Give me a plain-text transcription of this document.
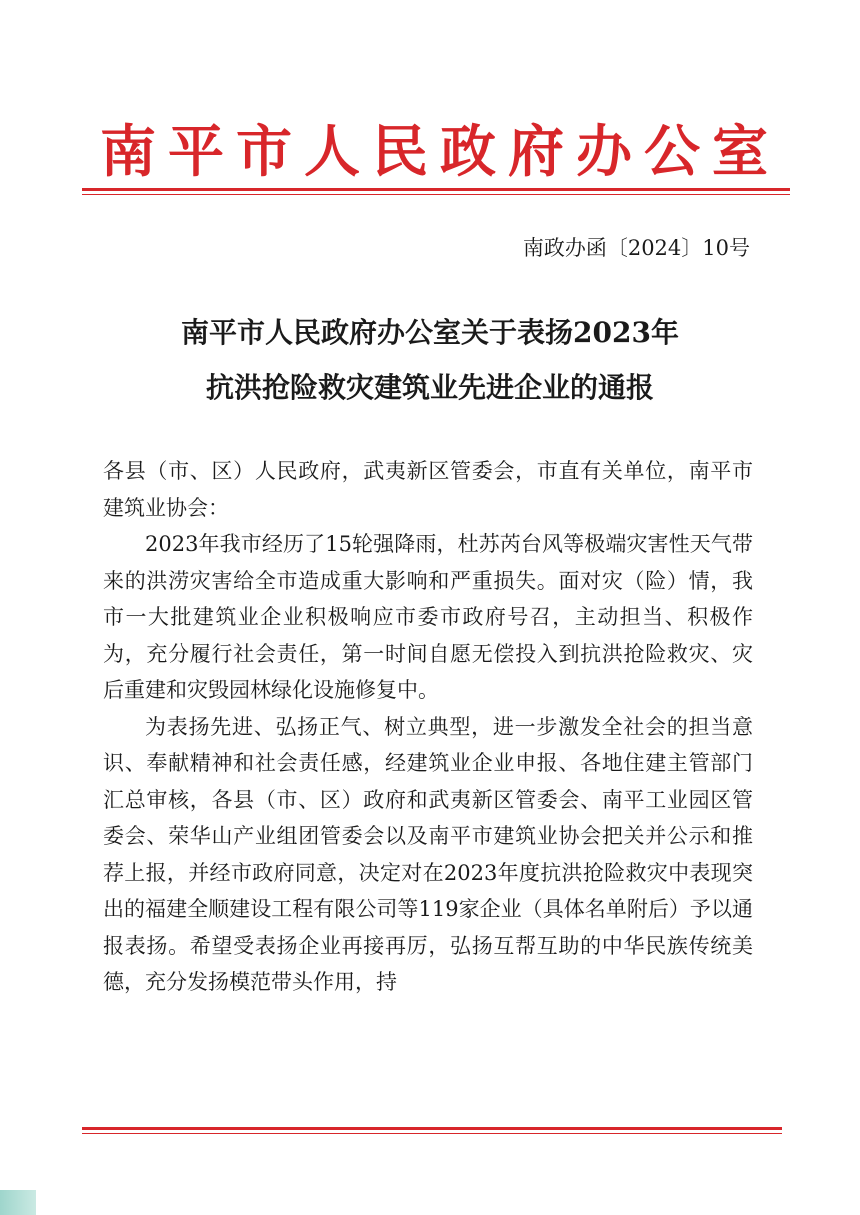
南平市人民政府办公室
南政办函〔2024〕10号
南平市人民政府办公室关于表扬2023年
抗洪抢险救灾建筑业先进企业的通报

各县（市、区）人民政府，武夷新区管委会，市直有关单位，南平市建筑业协会：

2023年我市经历了15轮强降雨，杜苏芮台风等极端灾害性天气带来的洪涝灾害给全市造成重大影响和严重损失。面对灾（险）情，我市一大批建筑业企业积极响应市委市政府号召，主动担当、积极作为，充分履行社会责任，第一时间自愿无偿投入到抗洪抢险救灾、灾后重建和灾毁园林绿化设施修复中。

为表扬先进、弘扬正气、树立典型，进一步激发全社会的担当意识、奉献精神和社会责任感，经建筑业企业申报、各地住建主管部门汇总审核，各县（市、区）政府和武夷新区管委会、南平工业园区管委会、荣华山产业组团管委会以及南平市建筑业协会把关并公示和推荐上报，并经市政府同意，决定对在2023年度抗洪抢险救灾中表现突出的福建全顺建设工程有限公司等119家企业（具体名单附后）予以通报表扬。希望受表扬企业再接再厉，弘扬互帮互助的中华民族传统美德，充分发扬模范带头作用，持
